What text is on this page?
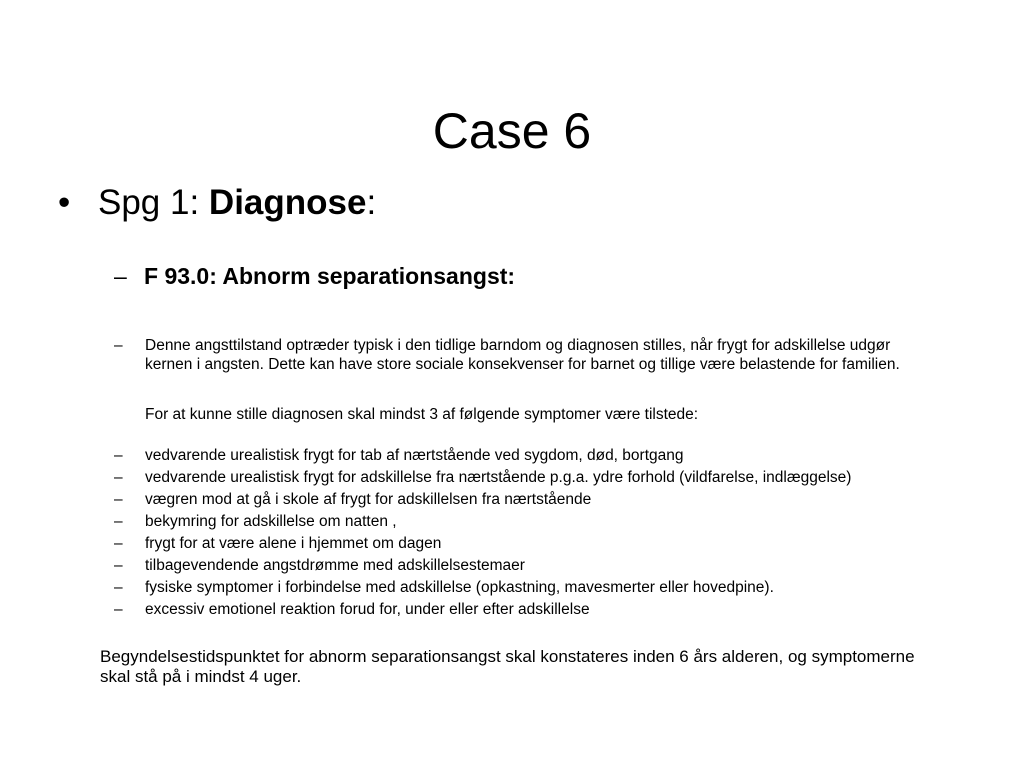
Case 6
• Spg 1: Diagnose:
– F 93.0: Abnorm separationsangst:
– Denne angsttilstand optræder typisk i den tidlige barndom og diagnosen stilles, når frygt for adskillelse udgør kernen i angsten. Dette kan have store sociale konsekvenser for barnet og tillige være belastende for familien.
For at kunne stille diagnosen skal mindst 3 af følgende symptomer være tilstede:
– vedvarende urealistisk frygt for tab af nærtstående ved sygdom, død, bortgang
– vedvarende urealistisk frygt for adskillelse fra nærtstående p.g.a. ydre forhold (vildfarelse, indlæggelse)
– vægren mod at gå i skole af frygt for adskillelsen fra nærtstående
– bekymring for adskillelse om natten ,
– frygt for at være alene i hjemmet om dagen
– tilbagevendende angstdrømme med adskillelsestemaer
– fysiske symptomer i forbindelse med adskillelse (opkastning, mavesmerter eller hovedpine).
– excessiv emotionel reaktion forud for, under eller efter adskillelse
Begyndelsestidspunktet for abnorm separationsangst skal konstateres inden 6 års alderen, og symptomerne skal stå på i mindst 4 uger.
